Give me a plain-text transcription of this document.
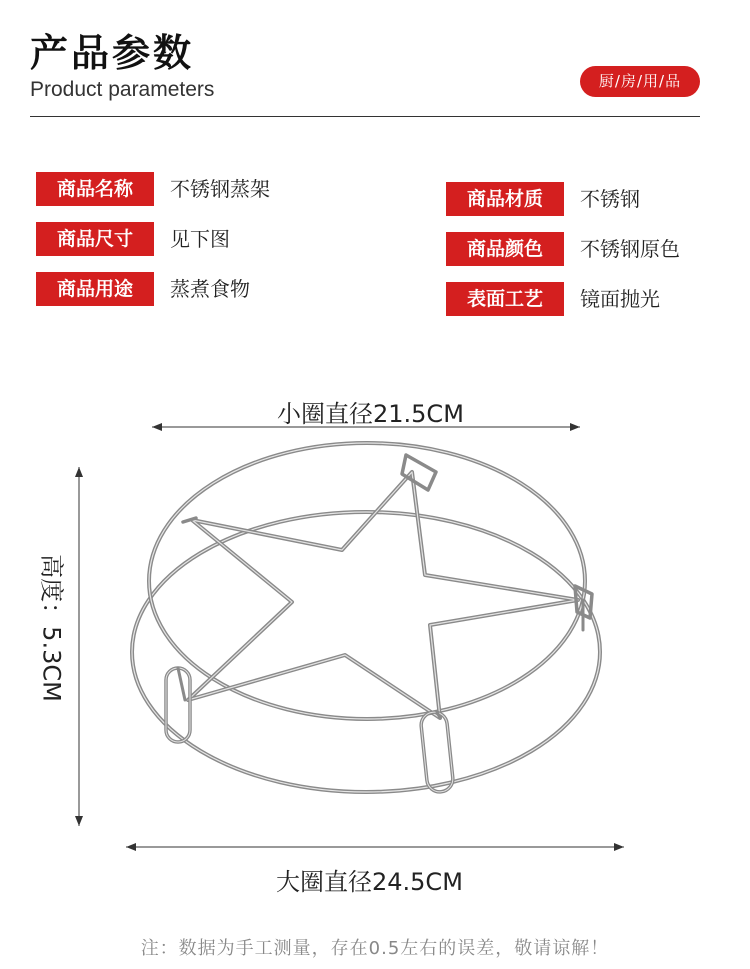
产品参数
Product parameters	厨/房/用/品
商品名称	不锈钢蒸架
商品尺寸	见下图
商品用途	蒸煮食物
商品材质	不锈钢
商品颜色	不锈钢原色
表面工艺	镜面抛光
小圈直径21.5CM
大圈直径24.5CM
高度：5.3CM
注：数据为手工测量，存在0.5左右的误差，敬请谅解！
